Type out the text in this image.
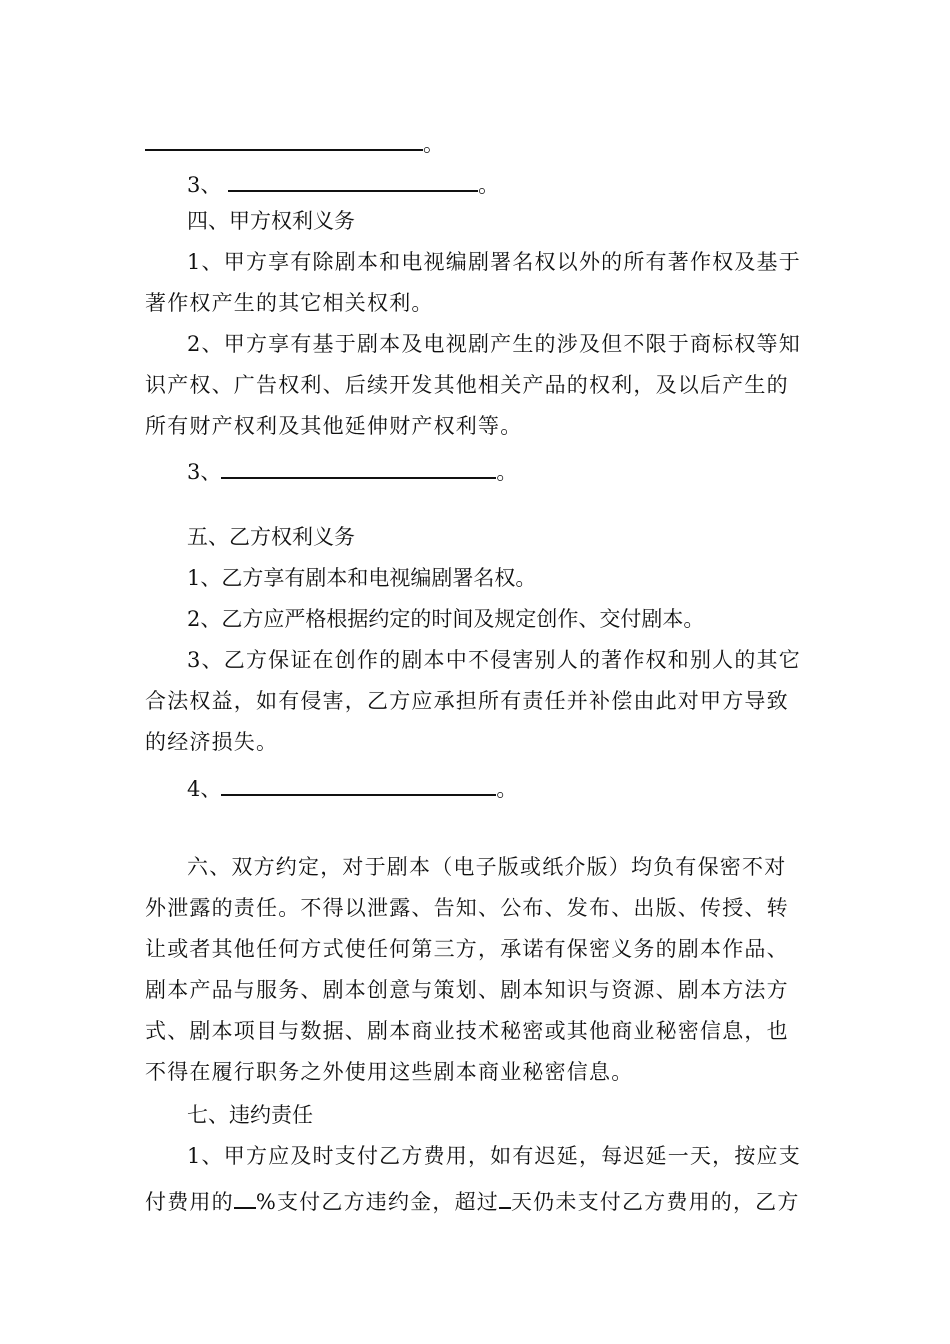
。
3、	。
四、甲方权利义务
1、甲方享有除剧本和电视编剧署名权以外的所有著作权及基于著作权产生的其它相关权利。
2、甲方享有基于剧本及电视剧产生的涉及但不限于商标权等知识产权、广告权利、后续开发其他相关产品的权利，及以后产生的所有财产权利及其他延伸财产权利等。
3、	。
五、乙方权利义务
1、乙方享有剧本和电视编剧署名权。
2、乙方应严格根据约定的时间及规定创作、交付剧本。
3、乙方保证在创作的剧本中不侵害别人的著作权和别人的其它合法权益，如有侵害，乙方应承担所有责任并补偿由此对甲方导致的经济损失。
4、	。
六、双方约定，对于剧本（电子版或纸介版）均负有保密不对外泄露的责任。不得以泄露、告知、公布、发布、出版、传授、转让或者其他任何方式使任何第三方，承诺有保密义务的剧本作品、剧本产品与服务、剧本创意与策划、剧本知识与资源、剧本方法方式、剧本项目与数据、剧本商业技术秘密或其他商业秘密信息，也不得在履行职务之外使用这些剧本商业秘密信息。
七、违约责任
1、甲方应及时支付乙方费用，如有迟延，每迟延一天，按应支付费用的 %支付乙方违约金，超过 天仍未支付乙方费用的，乙方
